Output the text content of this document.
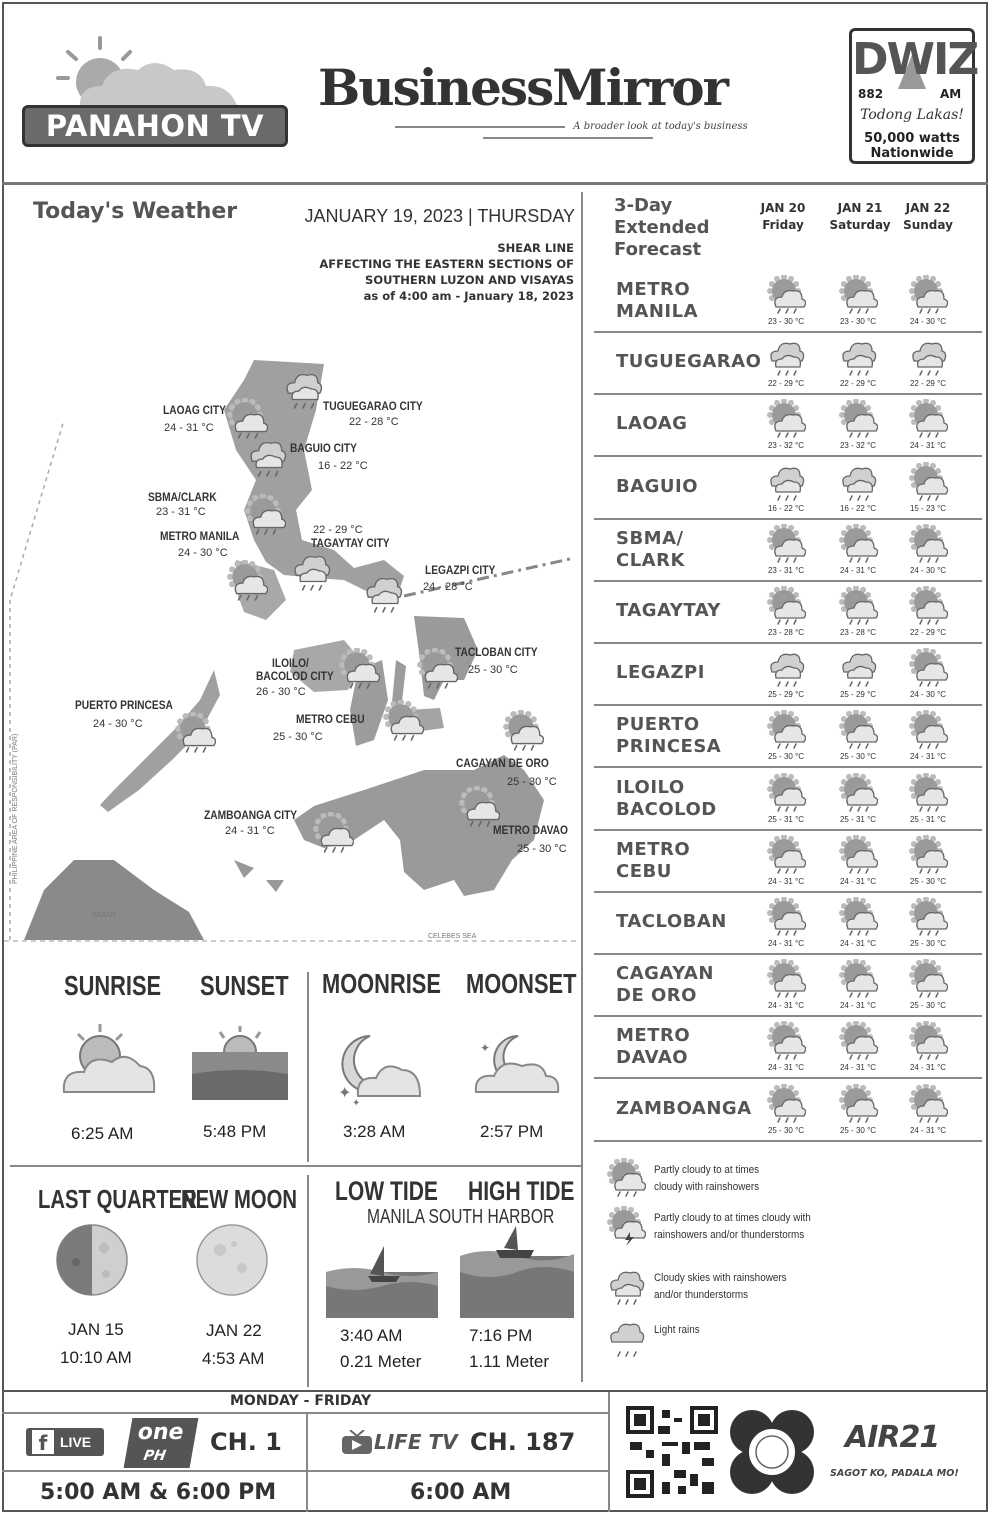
PANAHON TV
BusinessMirror
A broader look at today's business
DWIZ
882	AM
Todong Lakas!
50,000 watts
Nationwide
Today's Weather	JANUARY 19, 2023 | THURSDAY
SHEAR LINE
AFFECTING THE EASTERN SECTIONS OF
SOUTHERN LUZON AND VISAYAS
as of 4:00 am - January 18, 2023
PHILIPPINE AREA OF RESPONSIBILITY (PAR)
SABAH
CELEBES SEA
LAOAG CITY
24 - 31 °C
TUGUEGARAO CITY
22 - 28 °C
BAGUIO CITY
16 - 22 °C
SBMA/CLARK
23 - 31 °C
METRO MANILA
24 - 30 °C
22 - 29 °C
TAGAYTAY CITY
LEGAZPI CITY
24 - 28 °C
TACLOBAN CITY
25 - 30 °C
ILOILO/
BACOLOD CITY
26 - 30 °C
PUERTO PRINCESA
24 - 30 °C	METRO CEBU
25 - 30 °C
CAGAYAN DE ORO
25 - 30 °C
ZAMBOANGA CITY
24 - 31 °C	METRO DAVAO
25 - 30 °C
SUNRISE SUNSET MOONRISE MOONSET
✦
✦
✦
6:25 AM	5:48 PM	3:28 AM	2:57 PM
LAST QUARTER
NEW MOON
JAN 15
10:10 AM
JAN 22
4:53 AM
LOW TIDE HIGH TIDE
MANILA SOUTH HARBOR
3:40 AM
0.21 Meter
7:16 PM
1.11 Meter
3-Day
Extended
Forecast
JAN 20
Friday
JAN 21
Saturday
JAN 22
Sunday
METRO
MANILA	23 - 30 °C	23 - 30 °C	24 - 30 °C
TUGUEGARAO
22 - 29 °C	22 - 29 °C	22 - 29 °C
LAOAG
23 - 32 °C	23 - 32 °C	24 - 31 °C
BAGUIO
16 - 22 °C	16 - 22 °C	15 - 23 °C
SBMA/
CLARK	23 - 31 °C	24 - 31 °C	24 - 30 °C
TAGAYTAY
23 - 28 °C	23 - 28 °C	22 - 29 °C
LEGAZPI
25 - 29 °C	25 - 29 °C	24 - 30 °C
PUERTO
PRINCESA	25 - 30 °C	25 - 30 °C	24 - 31 °C
ILOILO
BACOLOD	25 - 31 °C	25 - 31 °C	25 - 31 °C
METRO
CEBU	24 - 31 °C	24 - 31 °C	25 - 30 °C
TACLOBAN
24 - 31 °C	24 - 31 °C	25 - 30 °C
CAGAYAN
DE ORO	24 - 31 °C	24 - 31 °C	25 - 30 °C
METRO
DAVAO	24 - 31 °C	24 - 31 °C	24 - 31 °C
ZAMBOANGA
25 - 30 °C	25 - 30 °C	24 - 31 °C
Partly cloudy to at times
cloudy with rainshowers
Partly cloudy to at times cloudy with
rainshowers and/or thunderstorms
Cloudy skies with rainshowers
and/or thunderstorms
Light rains
MONDAY - FRIDAY
f LIVE one
PH CH. 1
5:00 AM & 6:00 PM
LIFE TV CH. 187
6:00 AM
AIR21
SAGOT KO, PADALA MO!
